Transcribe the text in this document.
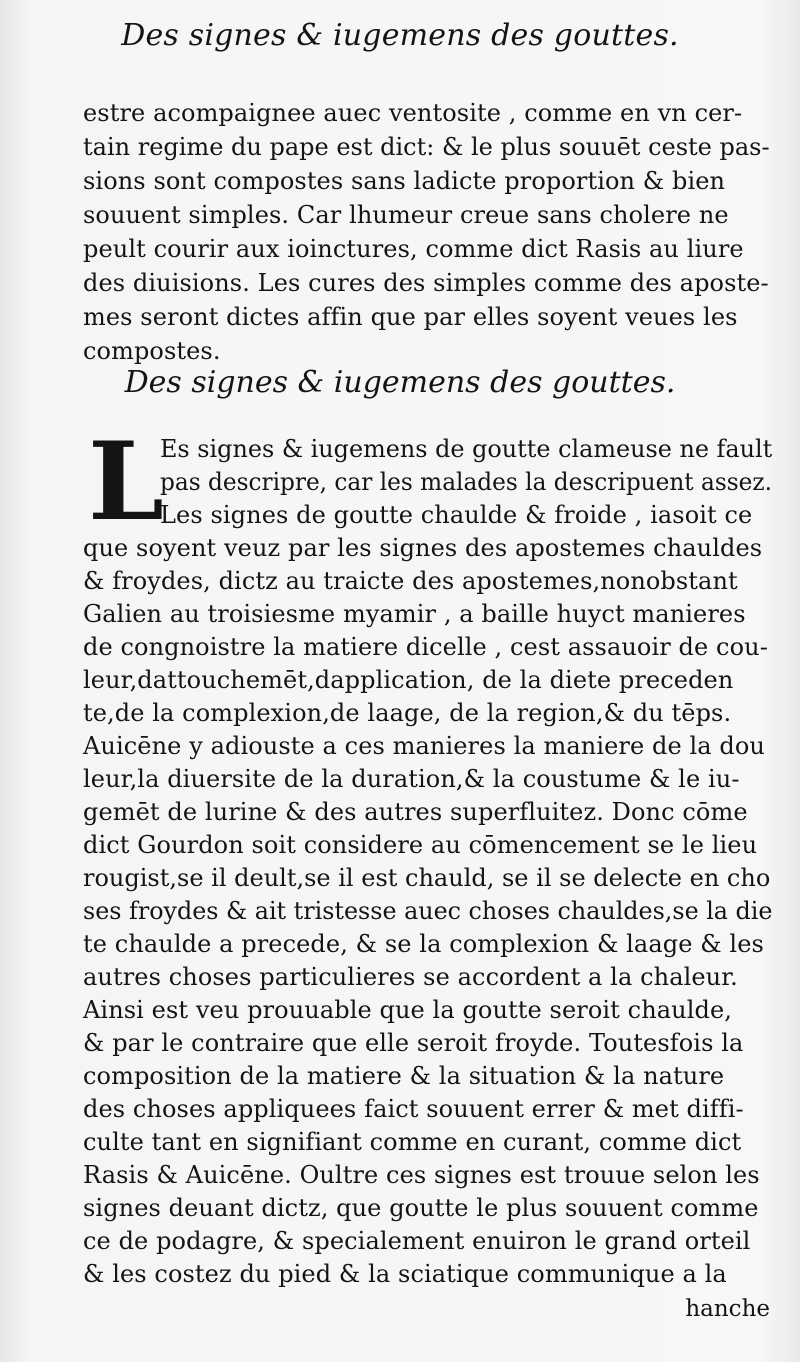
Des signes & iugemens des gouttes.
estre acompaignee auec ventosite , comme en vn cer-
tain regime du pape est dict: & le plus souuēt ceste pas-
sions sont compostes sans ladicte proportion & bien
souuent simples. Car lhumeur creue sans cholere ne
peult courir aux ioinctures, comme dict Rasis au liure
des diuisions. Les cures des simples comme des aposte-
mes seront dictes affin que par elles soyent veues les
compostes.
Des signes & iugemens des gouttes.
L
Es signes & iugemens de goutte clameuse ne fault
pas descripre, car les malades la descripuent assez.
Les signes de goutte chaulde & froide , iasoit ce
que soyent veuz par les signes des apostemes chauldes
& froydes, dictz au traicte des apostemes,nonobstant
Galien au troisiesme myamir , a baille huyct manieres
de congnoistre la matiere dicelle , cest assauoir de cou-
leur,dattouchemēt,dapplication, de la diete preceden
te,de la complexion,de laage, de la region,& du tēps.
Auicēne y adiouste a ces manieres la maniere de la dou
leur,la diuersite de la duration,& la coustume & le iu-
gemēt de lurine & des autres superfluitez. Donc cōme
dict Gourdon soit considere au cōmencement se le lieu
rougist,se il deult,se il est chauld, se il se delecte en cho
ses froydes & ait tristesse auec choses chauldes,se la die
te chaulde a precede, & se la complexion & laage & les
autres choses particulieres se accordent a la chaleur.
Ainsi est veu prouuable que la goutte seroit chaulde,
& par le contraire que elle seroit froyde. Toutesfois la
composition de la matiere & la situation & la nature
des choses appliquees faict souuent errer & met diffi-
culte tant en signifiant comme en curant, comme dict
Rasis & Auicēne. Oultre ces signes est trouue selon les
signes deuant dictz, que goutte le plus souuent comme
ce de podagre, & specialement enuiron le grand orteil
& les costez du pied & la sciatique communique a la
hanche
